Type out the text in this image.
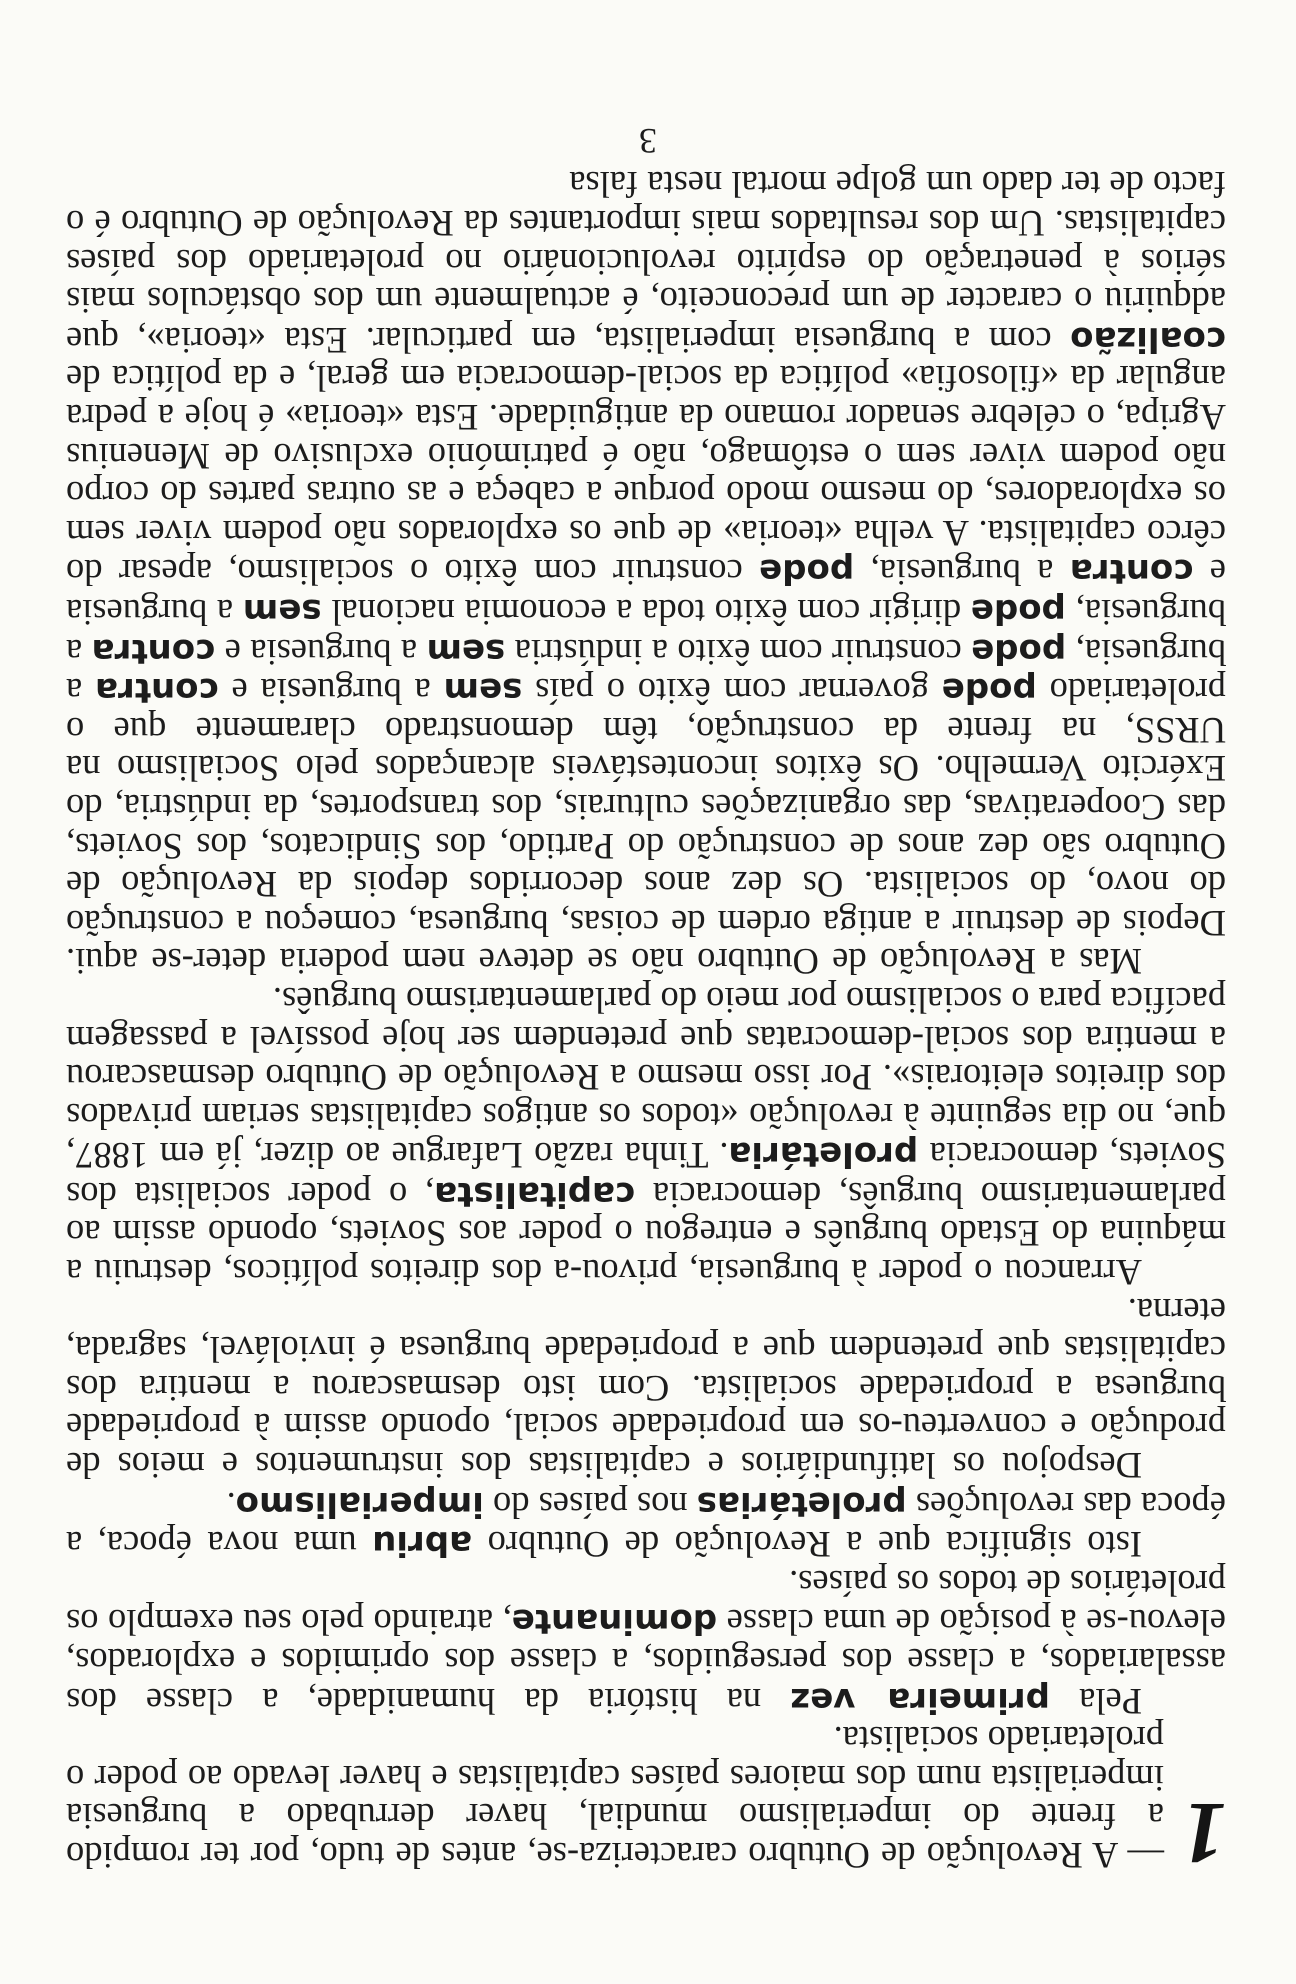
1
— A Revolução de Outubro caracteriza-se, antes de tudo, por ter rompido a frente do imperialismo mundial, haver derrubado a burguesia imperialista num dos maiores países capitalistas e haver levado ao poder o proletariado socialista.

Pela primeira vez na história da humanidade, a classe dos assalariados, a classe dos perseguidos, a classe dos oprimidos e explorados, elevou-se à posição de uma classe dominante, atraindo pelo seu exemplo os proletários de todos os países.

Isto significa que a Revolução de Outubro abriu uma nova época, a época das revoluções proletárias nos países do imperialismo.

Despojou os latifundiários e capitalistas dos instrumentos e meios de produção e converteu-os em propriedade social, opondo assim à propriedade burguesa a propriedade socialista. Com isto desmascarou a mentira dos capitalistas que pretendem que a propriedade burguesa é inviolável, sagrada, eterna.

Arrancou o poder à burguesia, privou-a dos direitos políticos, destruiu a máquina do Estado burguês e entregou o poder aos Soviets, opondo assim ao parlamentarismo burguês, democracia capitalista, o poder socialista dos Soviets, democracia proletária. Tinha razão Lafargue ao dizer, já em 1887, que, no dia seguinte à revolução «todos os antigos capitalistas seriam privados dos direitos eleitorais». Por isso mesmo a Revolução de Outubro desmascarou a mentira dos social-democratas que pretendem ser hoje possível a passagem pacífica para o socialismo por meio do parlamentarismo burguês.

Mas a Revolução de Outubro não se deteve nem poderia deter-se aqui. Depois de destruir a antiga ordem de coisas, burguesa, começou a construção do novo, do socialista. Os dez anos decorridos depois da Revolução de Outubro são dez anos de construção do Partido, dos Sindicatos, dos Soviets, das Cooperativas, das organizações culturais, dos transportes, da indústria, do Exército Vermelho. Os êxitos incontestáveis alcançados pelo Socialismo na URSS, na frente da construção, têm demonstrado claramente que o proletariado pode governar com êxito o país sem a burguesia e contra a burguesia, pode construir com êxito a indústria sem a burguesia e contra a burguesia, pode dirigir com êxito toda a economia nacional sem a burguesia e contra a burguesia, pode construir com êxito o socialismo, apesar do cêrco capitalista. A velha «teoria» de que os explorados não podem viver sem os exploradores, do mesmo modo porque a cabeça e as outras partes do corpo não podem viver sem o estômago, não é património exclusivo de Menenius Agripa, o célebre senador romano da antiguidade. Esta «teoria» é hoje a pedra angular da «filosofia» política da social-democracia em geral, e da política de coalizão com a burguesia imperialista, em particular. Esta «teoria», que adquiriu o caracter de um preconceito, é actualmente um dos obstáculos mais sérios à penetração do espírito revolucionário no proletariado dos países capitalistas. Um dos resultados mais importantes da Revolução de Outubro é o facto de ter dado um golpe mortal nesta falsa

3
